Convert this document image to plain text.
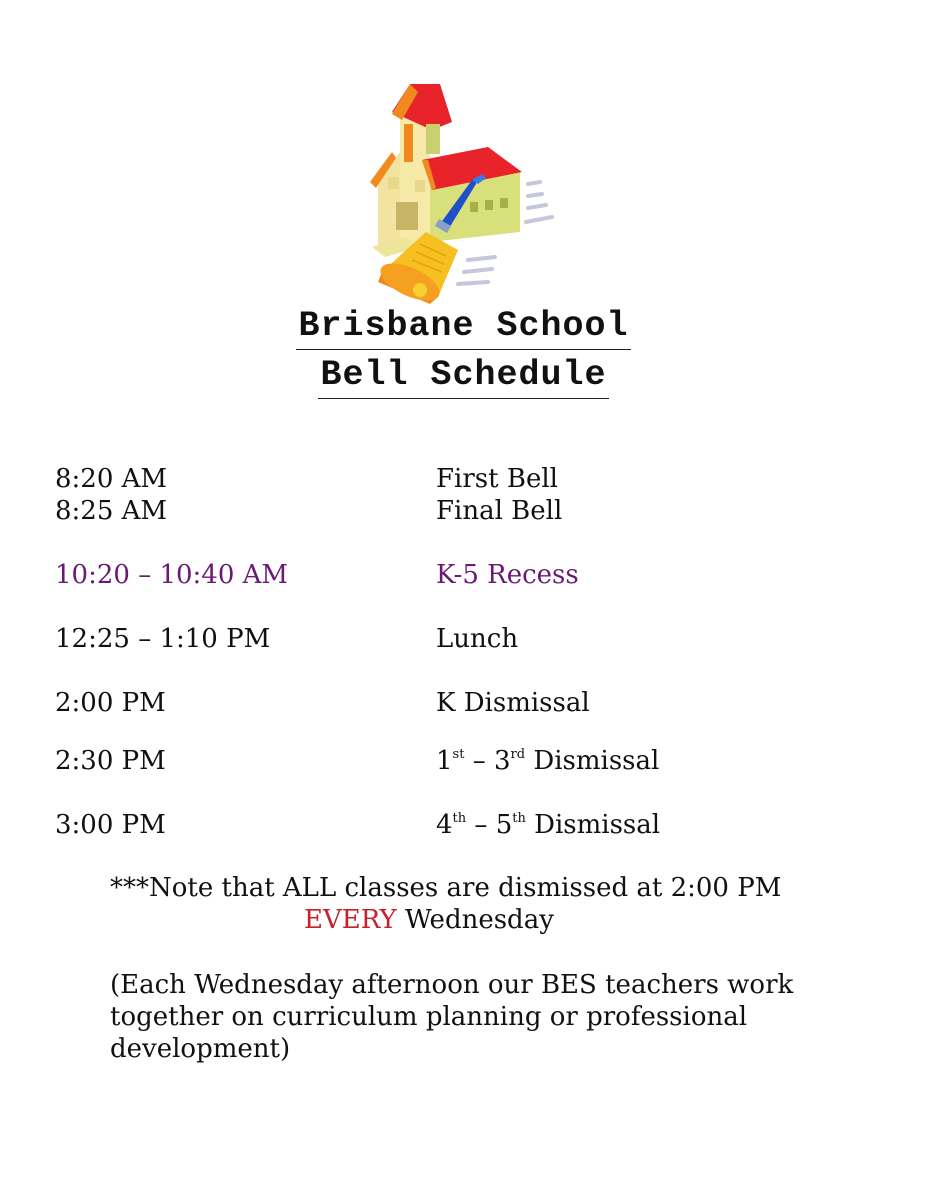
Brisbane School
Bell Schedule
8:20 AM	First Bell
8:25 AM	Final Bell
10:20 – 10:40 AM	K-5 Recess
12:25 – 1:10 PM	Lunch
2:00 PM	K Dismissal
2:30 PM	1st – 3rd Dismissal
3:00 PM	4th – 5th Dismissal
***Note that ALL classes are dismissed at 2:00 PM
EVERY Wednesday
(Each Wednesday afternoon our BES teachers work
together on curriculum planning or professional
development)
